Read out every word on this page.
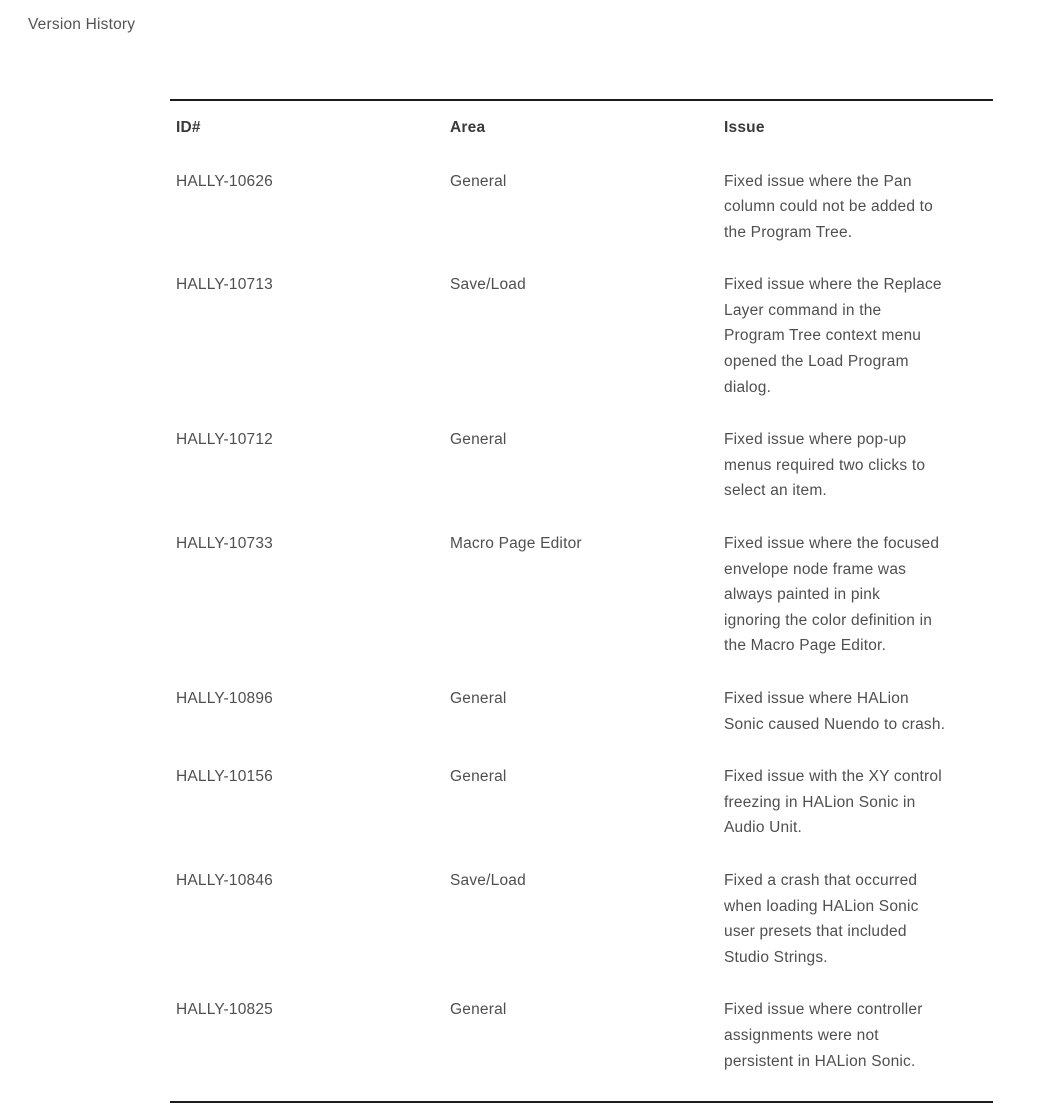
Version History
ID#	Area	Issue
HALLY-10626	General	Fixed issue where the Pan
column could not be added to
the Program Tree.
HALLY-10713	Save/Load	Fixed issue where the Replace
Layer command in the
Program Tree context menu
opened the Load Program
dialog.
HALLY-10712	General	Fixed issue where pop-up
menus required two clicks to
select an item.
HALLY-10733	Macro Page Editor	Fixed issue where the focused
envelope node frame was
always painted in pink
ignoring the color definition in
the Macro Page Editor.
HALLY-10896	General	Fixed issue where HALion
Sonic caused Nuendo to crash.
HALLY-10156	General	Fixed issue with the XY control
freezing in HALion Sonic in
Audio Unit.
HALLY-10846	Save/Load	Fixed a crash that occurred
when loading HALion Sonic
user presets that included
Studio Strings.
HALLY-10825	General	Fixed issue where controller
assignments were not
persistent in HALion Sonic.
